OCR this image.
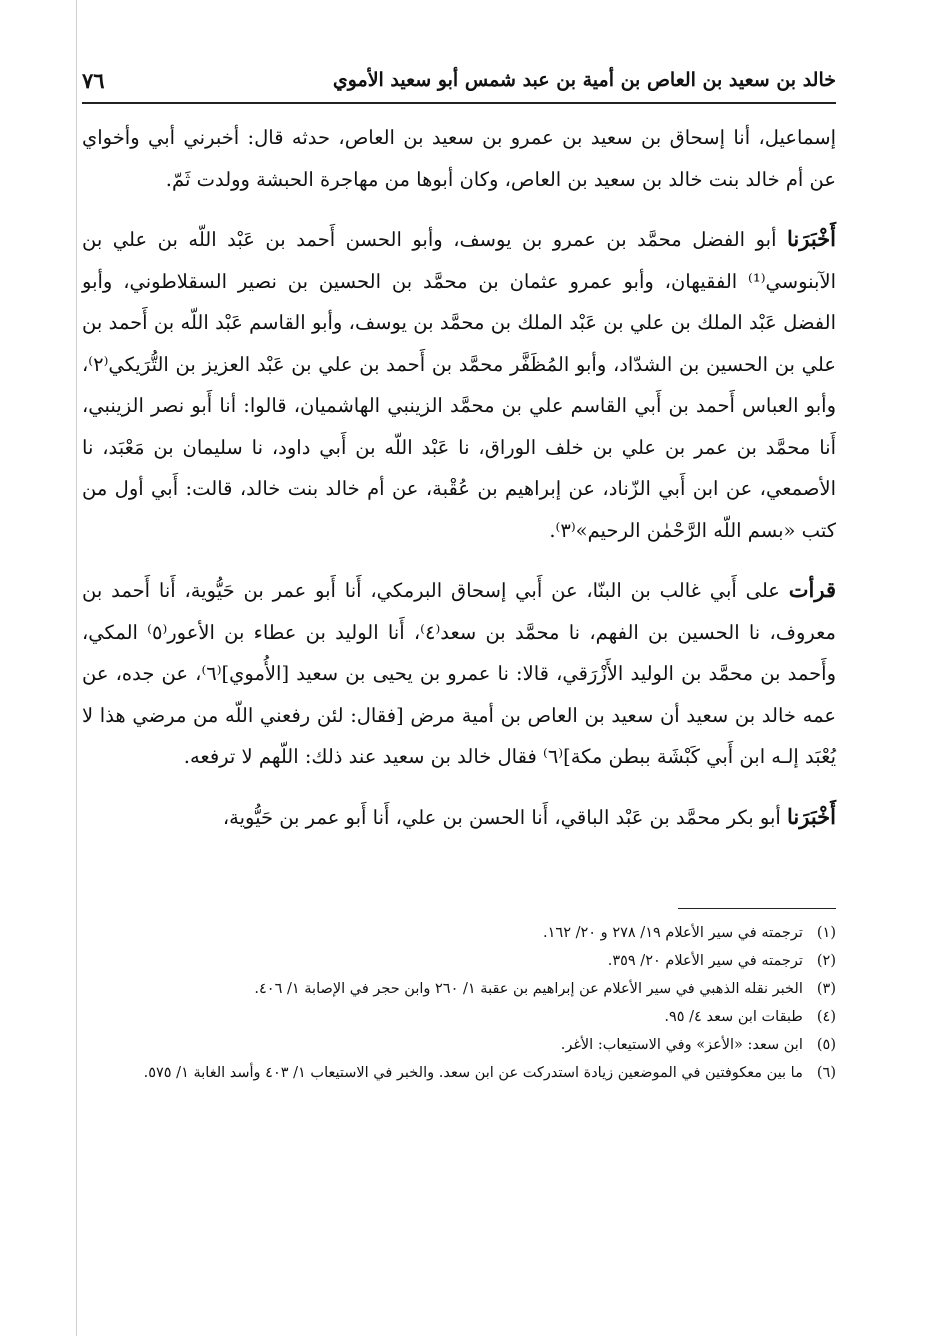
خالد بن سعيد بن العاص بن أمية بن عبد شمس أبو سعيد الأموي
٧٦

إسماعيل، أنا إسحاق بن سعيد بن عمرو بن سعيد بن العاص، حدثه قال: أخبرني أبي وأخواي عن أم خالد بنت خالد بن سعيد بن العاص، وكان أبوها من مهاجرة الحبشة وولدت ثَمّ.

أَخْبَرَنا أبو الفضل محمَّد بن عمرو بن يوسف، وأبو الحسن أَحمد بن عَبْد اللّه بن علي بن الآبنوسي⁽¹⁾ الفقيهان، وأبو عمرو عثمان بن محمَّد بن الحسين بن نصير السقلاطوني، وأبو الفضل عَبْد الملك بن علي بن عَبْد الملك بن محمَّد بن يوسف، وأبو القاسم عَبْد اللّه بن أَحمد بن علي بن الحسين بن الشدّاد، وأبو المُظَفَّر محمَّد بن أَحمد بن علي بن عَبْد العزيز بن التُّرَيكي⁽٢⁾، وأبو العباس أَحمد بن أَبي القاسم علي بن محمَّد الزينبي الهاشميان، قالوا: أنا أَبو نصر الزينبي، أَنا محمَّد بن عمر بن علي بن خلف الوراق، نا عَبْد اللّه بن أَبي داود، نا سليمان بن مَعْبَد، نا الأصمعي، عن ابن أَبي الزّناد، عن إبراهيم بن عُقْبة، عن أم خالد بنت خالد، قالت: أَبي أول من كتب «بسم اللّه الرَّحْمٰن الرحيم»⁽٣⁾.

قرأت على أَبي غالب بن البنّا، عن أَبي إسحاق البرمكي، أَنا أَبو عمر بن حَيُّوية، أَنا أَحمد بن معروف، نا الحسين بن الفهم، نا محمَّد بن سعد⁽٤⁾، أَنا الوليد بن عطاء بن الأعور⁽٥⁾ المكي، وأَحمد بن محمَّد بن الوليد الأَزْرَقي، قالا: نا عمرو بن يحيى بن سعيد [الأُموي]⁽٦⁾، عن جده، عن عمه خالد بن سعيد أن سعيد بن العاص بن أمية مرض [فقال: لئن رفعني اللّه من مرضي هذا لا يُعْبَد إلـه ابن أَبي كَبْشَة ببطن مكة]⁽٦⁾ فقال خالد بن سعيد عند ذلك: اللّهم لا ترفعه.

أَخْبَرَنا أبو بكر محمَّد بن عَبْد الباقي، أَنا الحسن بن علي، أَنا أَبو عمر بن حَيُّوية،

(١)
ترجمته في سير الأعلام ١٩/ ٢٧٨ و ٢٠/ ١٦٢.
(٢)
ترجمته في سير الأعلام ٢٠/ ٣٥٩.
(٣)
الخبر نقله الذهبي في سير الأعلام عن إبراهيم بن عقبة ١/ ٢٦٠ وابن حجر في الإصابة ١/ ٤٠٦.
(٤)
طبقات ابن سعد ٤/ ٩٥.
(٥)
ابن سعد: «الأعز» وفي الاستيعاب: الأغر.
(٦)
ما بين معكوفتين في الموضعين زيادة استدركت عن ابن سعد. والخبر في الاستيعاب ١/ ٤٠٣ وأسد الغابة ١/ ٥٧٥.
